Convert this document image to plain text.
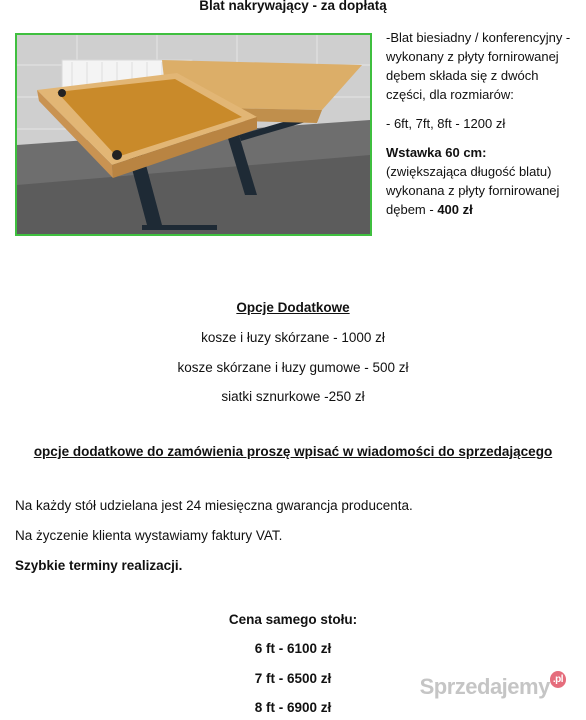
Blat nakrywający - za dopłatą

-Blat biesiadny / konferencyjny - wykonany z płyty fornirowanej dębem składa się z dwóch części, dla rozmiarów:

- 6ft, 7ft, 8ft - 1200 zł

Wstawka 60 cm:

(zwiększająca długość blatu) wykonana z płyty fornirowanej dębem - 400 zł

Opcje Dodatkowe
kosze i łuzy skórzane - 1000 zł
kosze skórzane i łuzy gumowe - 500 zł
siatki sznurkowe -250 zł
opcje dodatkowe do zamówienia proszę wpisać w wiadomości do sprzedającego
Na każdy stół udzielana jest 24 miesięczna gwarancja producenta.
Na życzenie klienta wystawiamy faktury VAT.
Szybkie terminy realizacji.
Cena samego stołu:
6 ft - 6100 zł
7 ft - 6500 zł
8 ft - 6900 zł
Sprzedajemy $^{.pl}$
